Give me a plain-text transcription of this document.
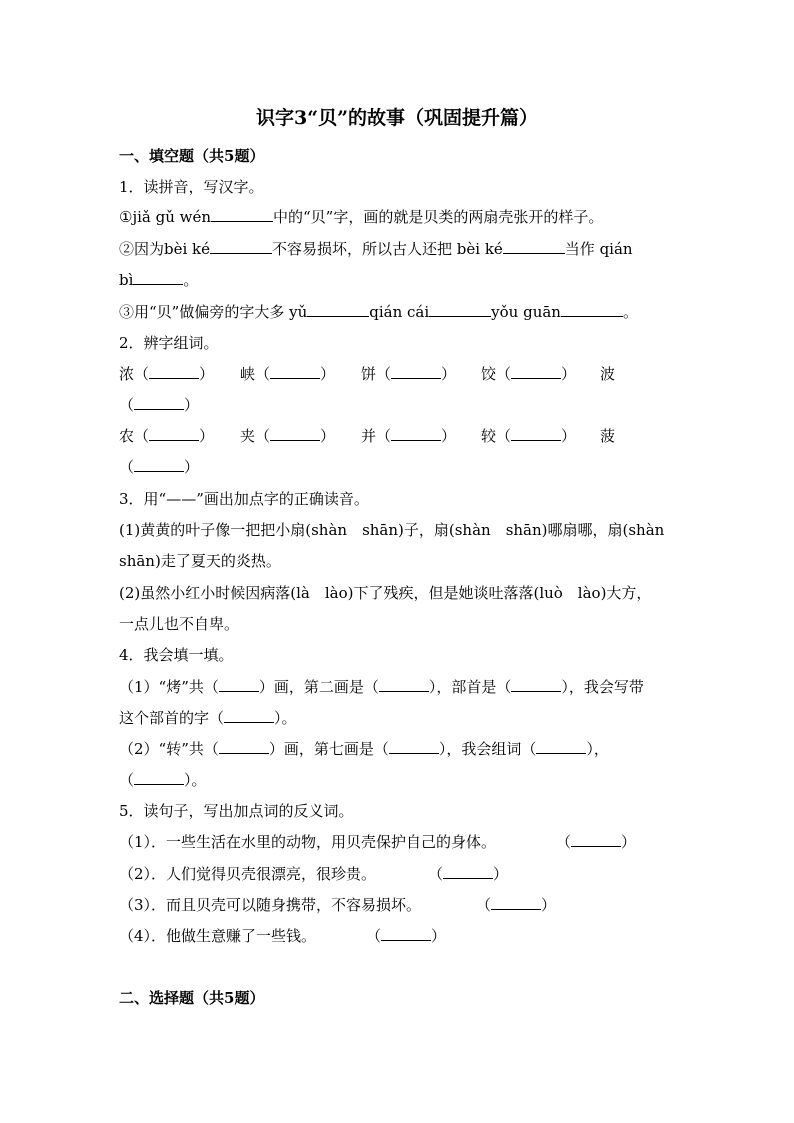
识字3“贝”的故事（巩固提升篇）
一、填空题（共5题）
1．读拼音，写汉字。
①jiǎ gǔ wén	中的“贝”字，画的就是贝类的两扇壳张开的样子。
②因为bèi ké	不容易损坏，所以古人还把 bèi ké	当作 qián
bì	。
③用“贝”做偏旁的字大多 yǔ	qián cái	yǒu guān	。
2．辨字组词。
浓（	） 峡（	） 饼（	） 饺（	） 波
（	）
农（	） 夹（	） 并（	） 较（	） 菠
（	）
3．用“——”画出加点字的正确读音。
(1)黄黄的叶子像一把把小扇(shàn　shān)子，扇(shàn　shān)哪扇哪，扇(shàn
shān)走了夏天的炎热。
(2)虽然小红小时候因病落(là　lào)下了残疾，但是她谈吐落落(luò　lào)大方，
一点儿也不自卑。
4．我会填一填。
（1）“烤”共（	）画，第二画是（	），部首是（	），我会写带
这个部首的字（	）。
（2）“转”共（	）画，第七画是（	），我会组词（	），
（	）。
5．读句子，写出加点词的反义词。
（1）．一些生活在水里的动物，用贝壳保护自己的身体。	（	）
（2）．人们觉得贝壳很漂亮，很珍贵。	（	）
（3）．而且贝壳可以随身携带，不容易损坏。	（	）
（4）．他做生意赚了一些钱。	（	）
二、选择题（共5题）
